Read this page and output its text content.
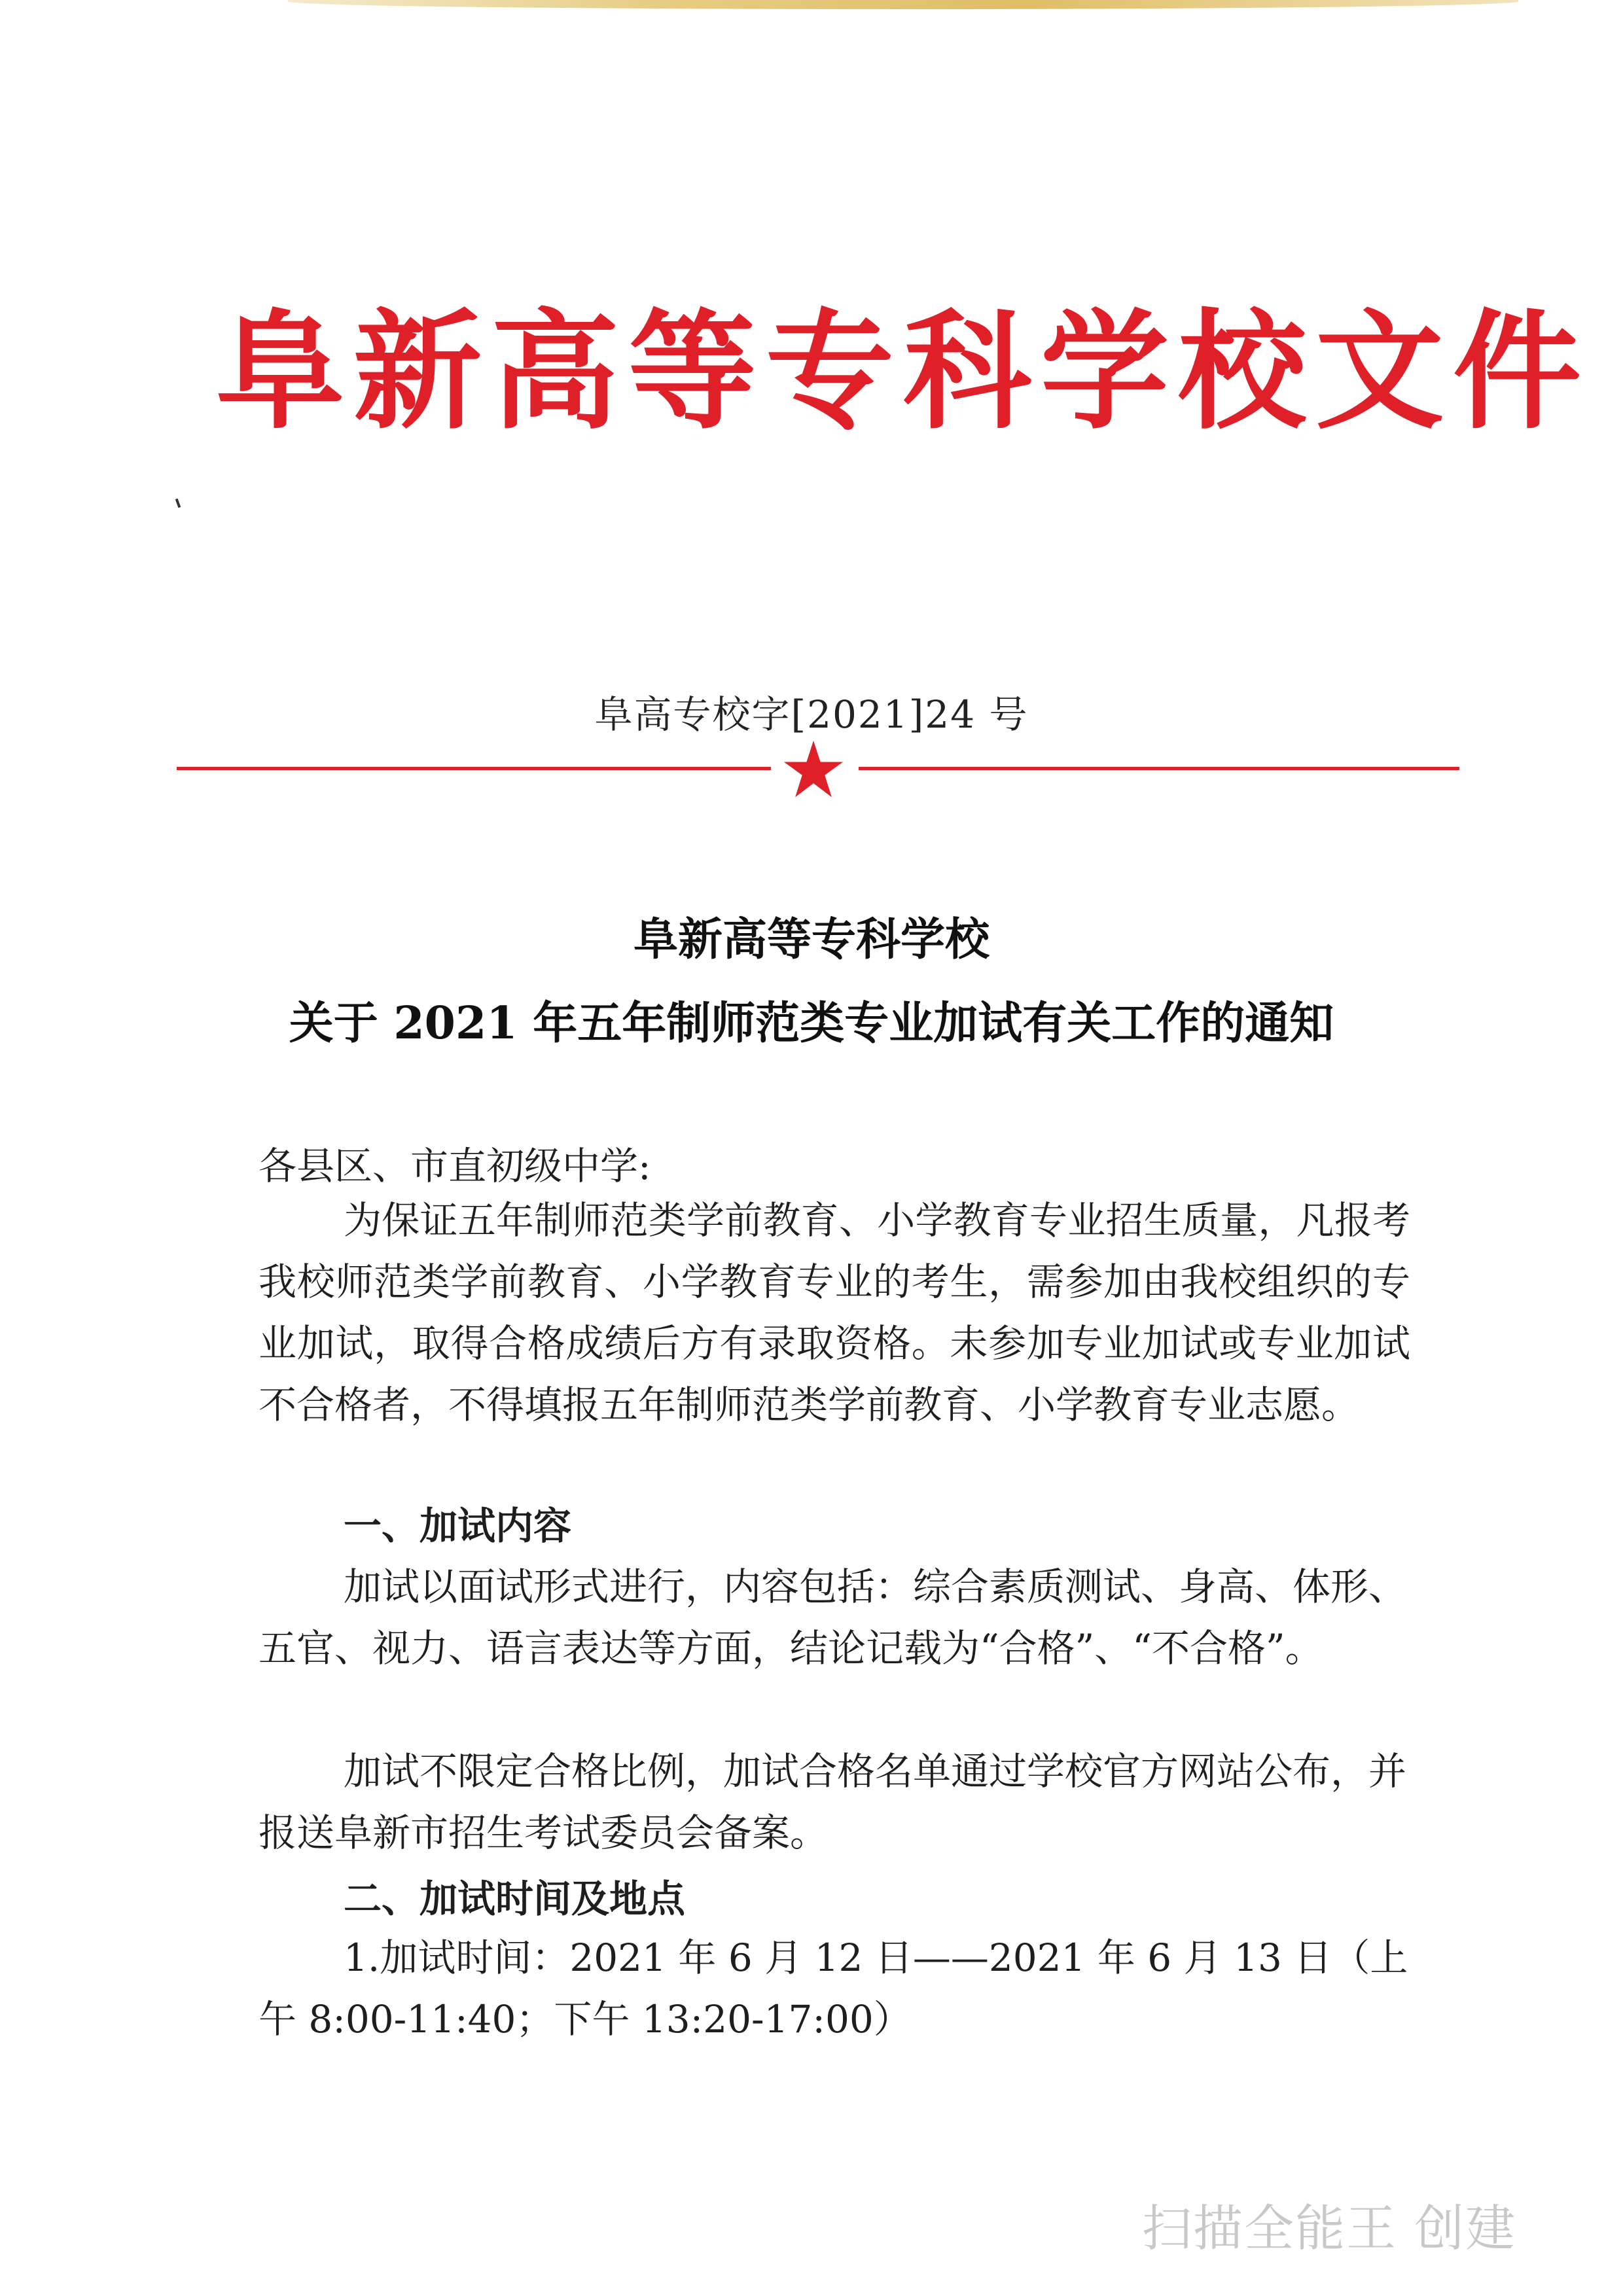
阜新高等专科学校文件
阜高专校字[2021]24 号
阜新高等专科学校
关于 2021 年五年制师范类专业加试有关工作的通知
各县区、市直初级中学:

为保证五年制师范类学前教育、小学教育专业招生质量，凡报考我校师范类学前教育、小学教育专业的考生，需参加由我校组织的专业加试，取得合格成绩后方有录取资格。未参加专业加试或专业加试不合格者，不得填报五年制师范类学前教育、小学教育专业志愿。

一、加试内容

加试以面试形式进行，内容包括：综合素质测试、身高、体形、五官、视力、语言表达等方面，结论记载为“合格”、“不合格”。

加试不限定合格比例，加试合格名单通过学校官方网站公布，并报送阜新市招生考试委员会备案。

二、加试时间及地点

1.加试时间：2021 年 6 月 12 日——2021 年 6 月 13 日（上午 8:00-11:40；下午 13:20-17:00）

扫描全能王 创建
